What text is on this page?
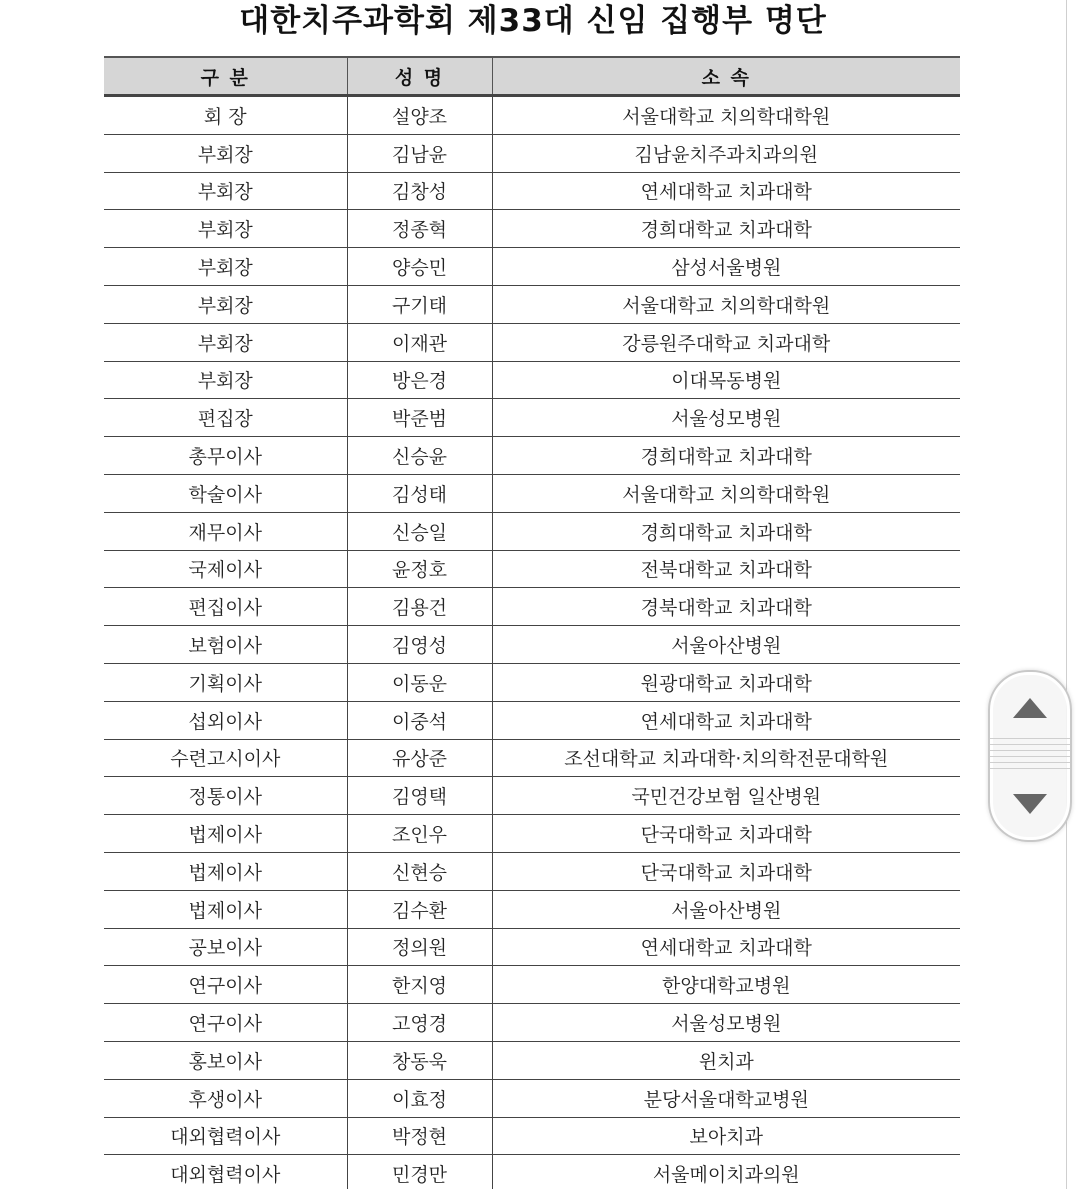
대한치주과학회 제33대 신임 집행부 명단
구 분	성 명	소 속
회 장	설양조	서울대학교 치의학대학원
부회장	김남윤	김남윤치주과치과의원
부회장	김창성	연세대학교 치과대학
부회장	정종혁	경희대학교 치과대학
부회장	양승민	삼성서울병원
부회장	구기태	서울대학교 치의학대학원
부회장	이재관	강릉원주대학교 치과대학
부회장	방은경	이대목동병원
편집장	박준범	서울성모병원
총무이사	신승윤	경희대학교 치과대학
학술이사	김성태	서울대학교 치의학대학원
재무이사	신승일	경희대학교 치과대학
국제이사	윤정호	전북대학교 치과대학
편집이사	김용건	경북대학교 치과대학
보험이사	김영성	서울아산병원
기획이사	이동운	원광대학교 치과대학
섭외이사	이중석	연세대학교 치과대학
수련고시이사	유상준	조선대학교 치과대학·치의학전문대학원
정통이사	김영택	국민건강보험 일산병원
법제이사	조인우	단국대학교 치과대학
법제이사	신현승	단국대학교 치과대학
법제이사	김수환	서울아산병원
공보이사	정의원	연세대학교 치과대학
연구이사	한지영	한양대학교병원
연구이사	고영경	서울성모병원
홍보이사	창동욱	윈치과
후생이사	이효정	분당서울대학교병원
대외협력이사	박정현	보아치과
대외협력이사	민경만	서울메이치과의원
